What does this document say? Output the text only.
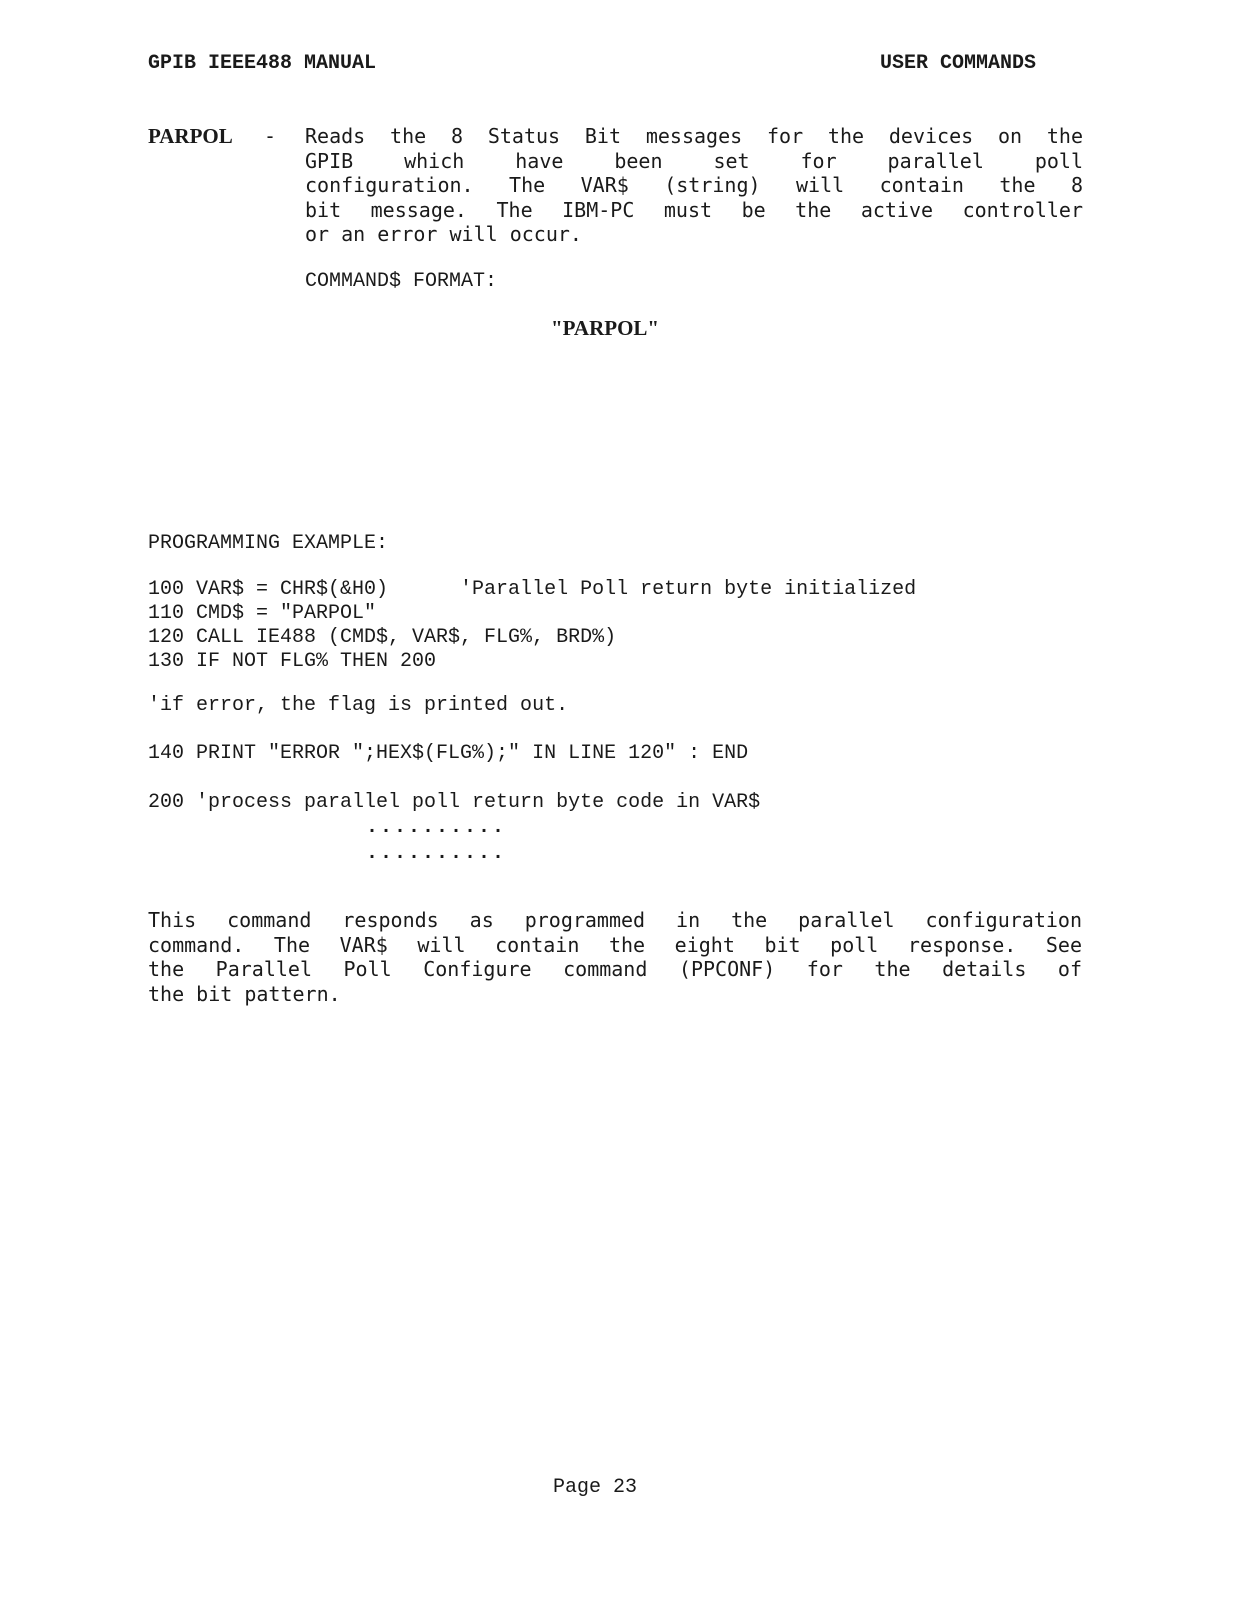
GPIB IEEE488 MANUAL	USER COMMANDS
PARPOL - Reads the 8 Status Bit messages for the devices on the
GPIB which have been set for parallel poll
configuration. The VAR$ (string) will contain the 8
bit message. The IBM-PC must be the active controller
or an error will occur.
COMMAND$ FORMAT:
"PARPOL"
PROGRAMMING EXAMPLE:
100 VAR$ = CHR$(&H0)      'Parallel Poll return byte initialized
110 CMD$ = "PARPOL"
120 CALL IE488 (CMD$, VAR$, FLG%, BRD%)
130 IF NOT FLG% THEN 200
'if error, the flag is printed out.
140 PRINT "ERROR ";HEX$(FLG%);" IN LINE 120" : END
200 'process parallel poll return byte code in VAR$
..........
..........
This command responds as programmed in the parallel configuration
command. The VAR$ will contain the eight bit poll response. See
the Parallel Poll Configure command (PPCONF) for the details of
the bit pattern.
Page 23
